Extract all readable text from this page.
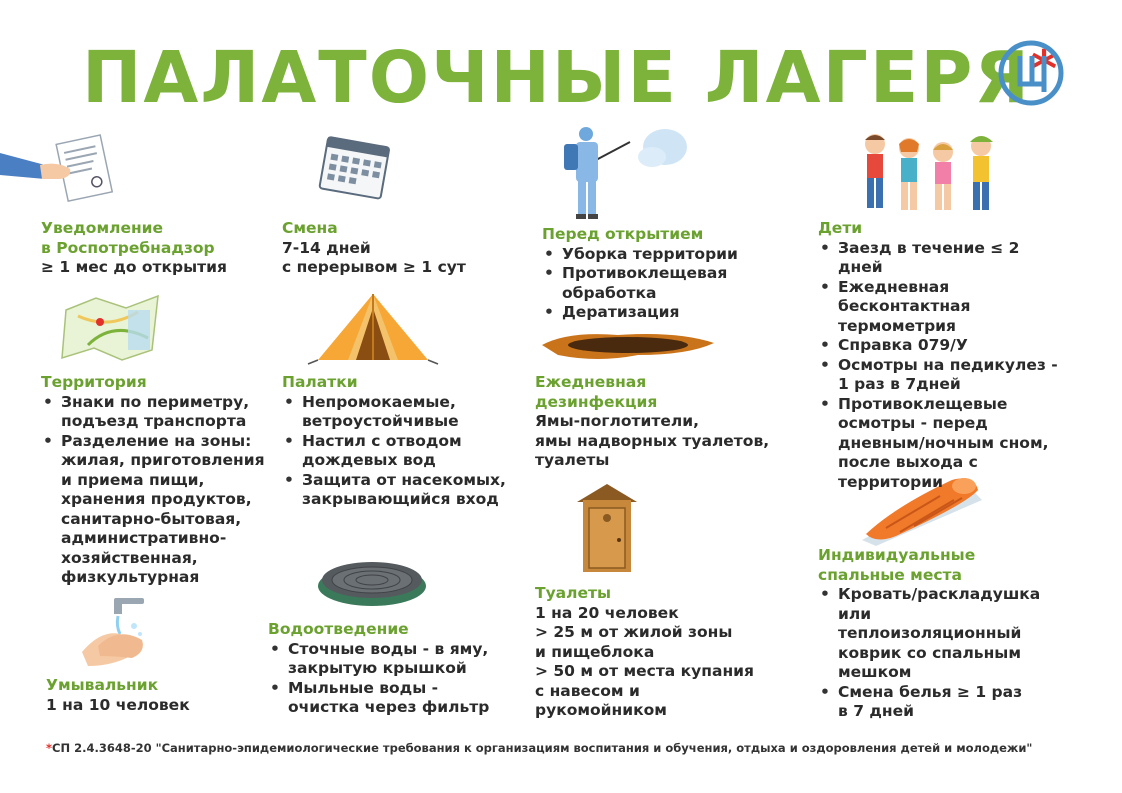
ПАЛАТОЧНЫЕ ЛАГЕРЯ*
Уведомление
в Роспотребнадзор
≥ 1 мес до открытия
Смена
7-14 дней
с перерывом ≥ 1 сут
Перед открытием
• Уборка территории
• Противоклещевая обработка
• Дератизация
Дети
• Заезд в течение ≤ 2 дней
• Ежедневная бесконтактная термометрия
• Справка 079/У
• Осмотры на педикулез - 1 раз в 7дней
• Противоклещевые осмотры - перед дневным/ночным сном, после выхода с территории
Территория
• Знаки по периметру, подъезд транспорта
• Разделение на зоны: жилая, приготовления и приема пищи, хранения продуктов, санитарно-бытовая, административно-хозяйственная, физкультурная
Палатки
• Непромокаемые, ветроустойчивые
• Настил с отводом дождевых вод
• Защита от насекомых, закрывающийся вход
Ежедневная
дезинфекция
Ямы-поглотители,
ямы надворных туалетов,
туалеты
Индивидуальные
спальные места
• Кровать/раскладушка или теплоизоляционный коврик со спальным мешком
• Смена белья ≥ 1 раз в 7 дней
Водоотведение
• Сточные воды - в яму, закрытую крышкой
• Мыльные воды - очистка через фильтр
Туалеты
1 на 20 человек
> 25 м от жилой зоны
и пищеблока
> 50 м от места купания
с навесом и
рукомойником
Умывальник
1 на 10 человек
*СП 2.4.3648-20 "Санитарно-эпидемиологические требования к организациям воспитания и обучения, отдыха и оздоровления детей и молодежи"
